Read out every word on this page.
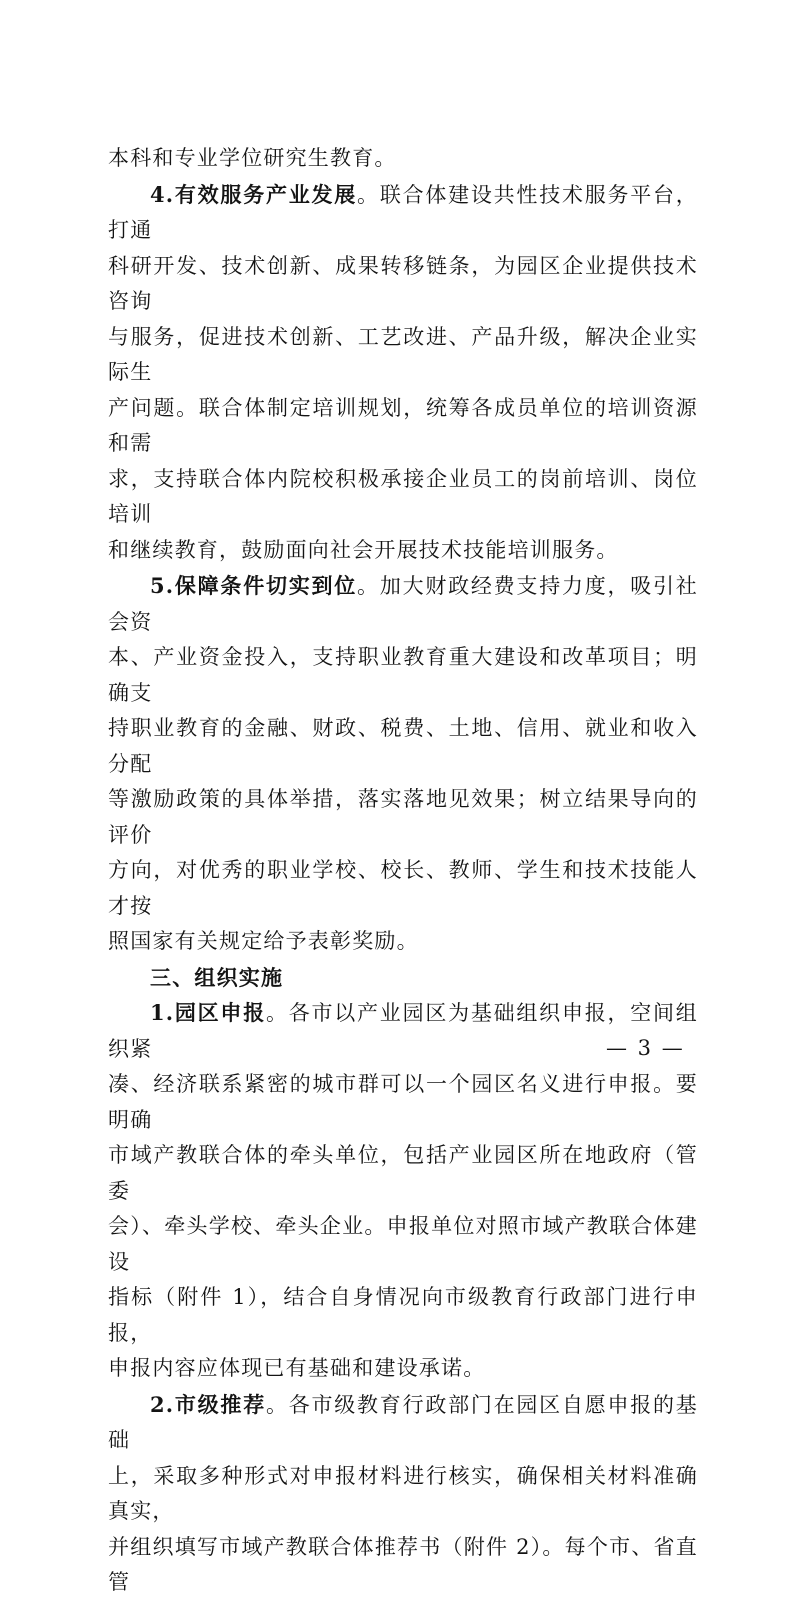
本科和专业学位研究生教育。

4.有效服务产业发展。联合体建设共性技术服务平台，打通
科研开发、技术创新、成果转移链条，为园区企业提供技术咨询
与服务，促进技术创新、工艺改进、产品升级，解决企业实际生
产问题。联合体制定培训规划，统筹各成员单位的培训资源和需
求，支持联合体内院校积极承接企业员工的岗前培训、岗位培训
和继续教育，鼓励面向社会开展技术技能培训服务。

5.保障条件切实到位。加大财政经费支持力度，吸引社会资
本、产业资金投入，支持职业教育重大建设和改革项目；明确支
持职业教育的金融、财政、税费、土地、信用、就业和收入分配
等激励政策的具体举措，落实落地见效果；树立结果导向的评价
方向，对优秀的职业学校、校长、教师、学生和技术技能人才按
照国家有关规定给予表彰奖励。

三、组织实施

1.园区申报。各市以产业园区为基础组织申报，空间组织紧
凑、经济联系紧密的城市群可以一个园区名义进行申报。要明确
市域产教联合体的牵头单位，包括产业园区所在地政府（管委
会）、牵头学校、牵头企业。申报单位对照市域产教联合体建设
指标（附件 1），结合自身情况向市级教育行政部门进行申报，
申报内容应体现已有基础和建设承诺。

2.市级推荐。各市级教育行政部门在园区自愿申报的基础
上，采取多种形式对申报材料进行核实，确保相关材料准确真实，
并组织填写市域产教联合体推荐书（附件 2）。每个市、省直管

— 3 —
